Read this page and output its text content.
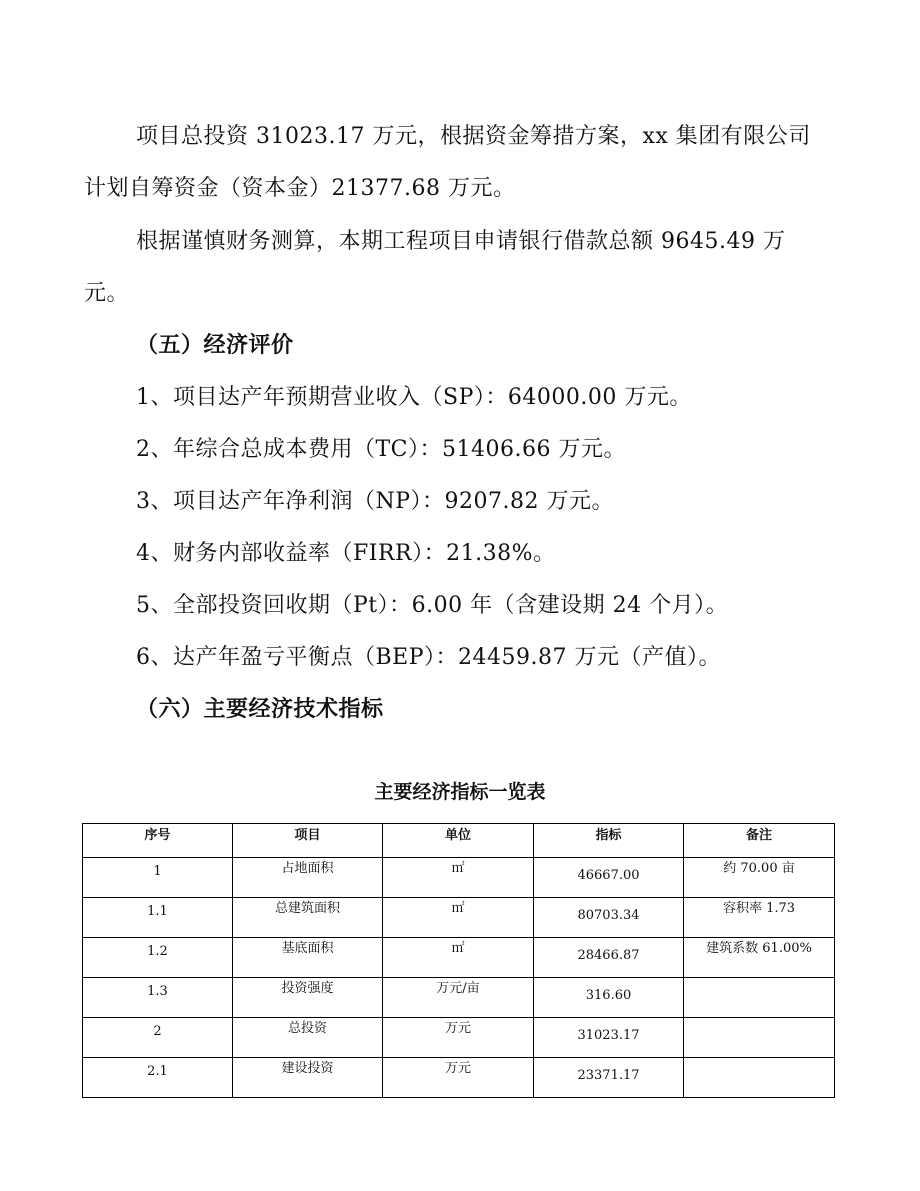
项目总投资 31023.17 万元，根据资金筹措方案，xx 集团有限公司
计划自筹资金（资本金）21377.68 万元。
根据谨慎财务测算，本期工程项目申请银行借款总额 9645.49 万
元。
（五）经济评价
1、项目达产年预期营业收入（SP）：64000.00 万元。
2、年综合总成本费用（TC）：51406.66 万元。
3、项目达产年净利润（NP）：9207.82 万元。
4、财务内部收益率（FIRR）：21.38%。
5、全部投资回收期（Pt）：6.00 年（含建设期 24 个月）。
6、达产年盈亏平衡点（BEP）：24459.87 万元（产值）。
（六）主要经济技术指标
主要经济指标一览表
序号	项目	单位	指标	备注
1	占地面积	㎡	46667.00	约 70.00 亩
1.1	总建筑面积	㎡	80703.34	容积率 1.73
1.2	基底面积	㎡	28466.87	建筑系数 61.00%
1.3	投资强度	万元/亩	316.60	
2	总投资	万元	31023.17	
2.1	建设投资	万元	23371.17	
